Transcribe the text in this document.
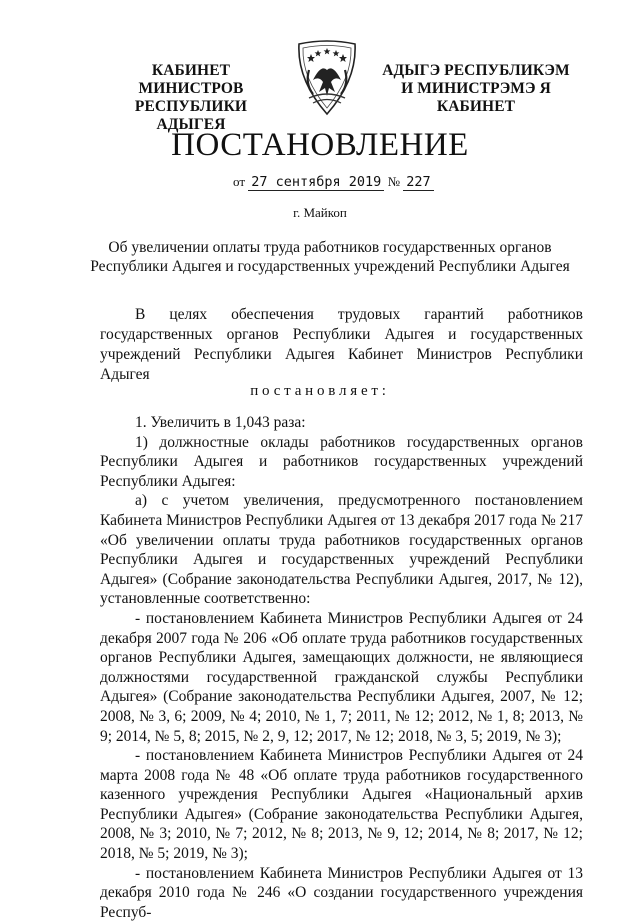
КАБИНЕТ МИНИСТРОВ
РЕСПУБЛИКИ АДЫГЕЯ
АДЫГЭ РЕСПУБЛИКЭМ
И МИНИСТРЭМЭ Я КАБИНЕТ
ПОСТАНОВЛЕНИЕ
от 27 сентября 2019 № 227
г. Майкоп
Об увеличении оплаты труда работников государственных органов
Республики Адыгея и государственных учреждений Республики Адыгея
В целях обеспечения трудовых гарантий работников государственных органов Республики Адыгея и государственных учреждений Республики Адыгея Кабинет Министров Республики Адыгея
постановляет:

1. Увеличить в 1,043 раза:

1) должностные оклады работников государственных органов Республики Адыгея и работников государственных учреждений Республики Адыгея:

а) с учетом увеличения, предусмотренного постановлением Кабинета Министров Республики Адыгея от 13 декабря 2017 года № 217 «Об увеличении оплаты труда работников государственных органов Республики Адыгея и государственных учреждений Республики Адыгея» (Собрание законодательства Республики Адыгея, 2017, № 12), установленные соответственно:

- постановлением Кабинета Министров Республики Адыгея от 24 декабря 2007 года № 206 «Об оплате труда работников государственных органов Республики Адыгея, замещающих должности, не являющиеся должностями государственной гражданской службы Республики Адыгея» (Собрание законодательства Республики Адыгея, 2007, № 12; 2008, № 3, 6; 2009, № 4; 2010, № 1, 7; 2011, № 12; 2012, № 1, 8; 2013, № 9; 2014, № 5, 8; 2015, № 2, 9, 12; 2017, № 12; 2018, № 3, 5; 2019, № 3);

- постановлением Кабинета Министров Республики Адыгея от 24 марта 2008 года № 48 «Об оплате труда работников государственного казенного учреждения Республики Адыгея «Национальный архив Республики Адыгея» (Собрание законодательства Республики Адыгея, 2008, № 3; 2010, № 7; 2012, № 8; 2013, № 9, 12; 2014, № 8; 2017, № 12; 2018, № 5; 2019, № 3);

- постановлением Кабинета Министров Республики Адыгея от 13 декабря 2010 года № 246 «О создании государственного учреждения Респуб-
